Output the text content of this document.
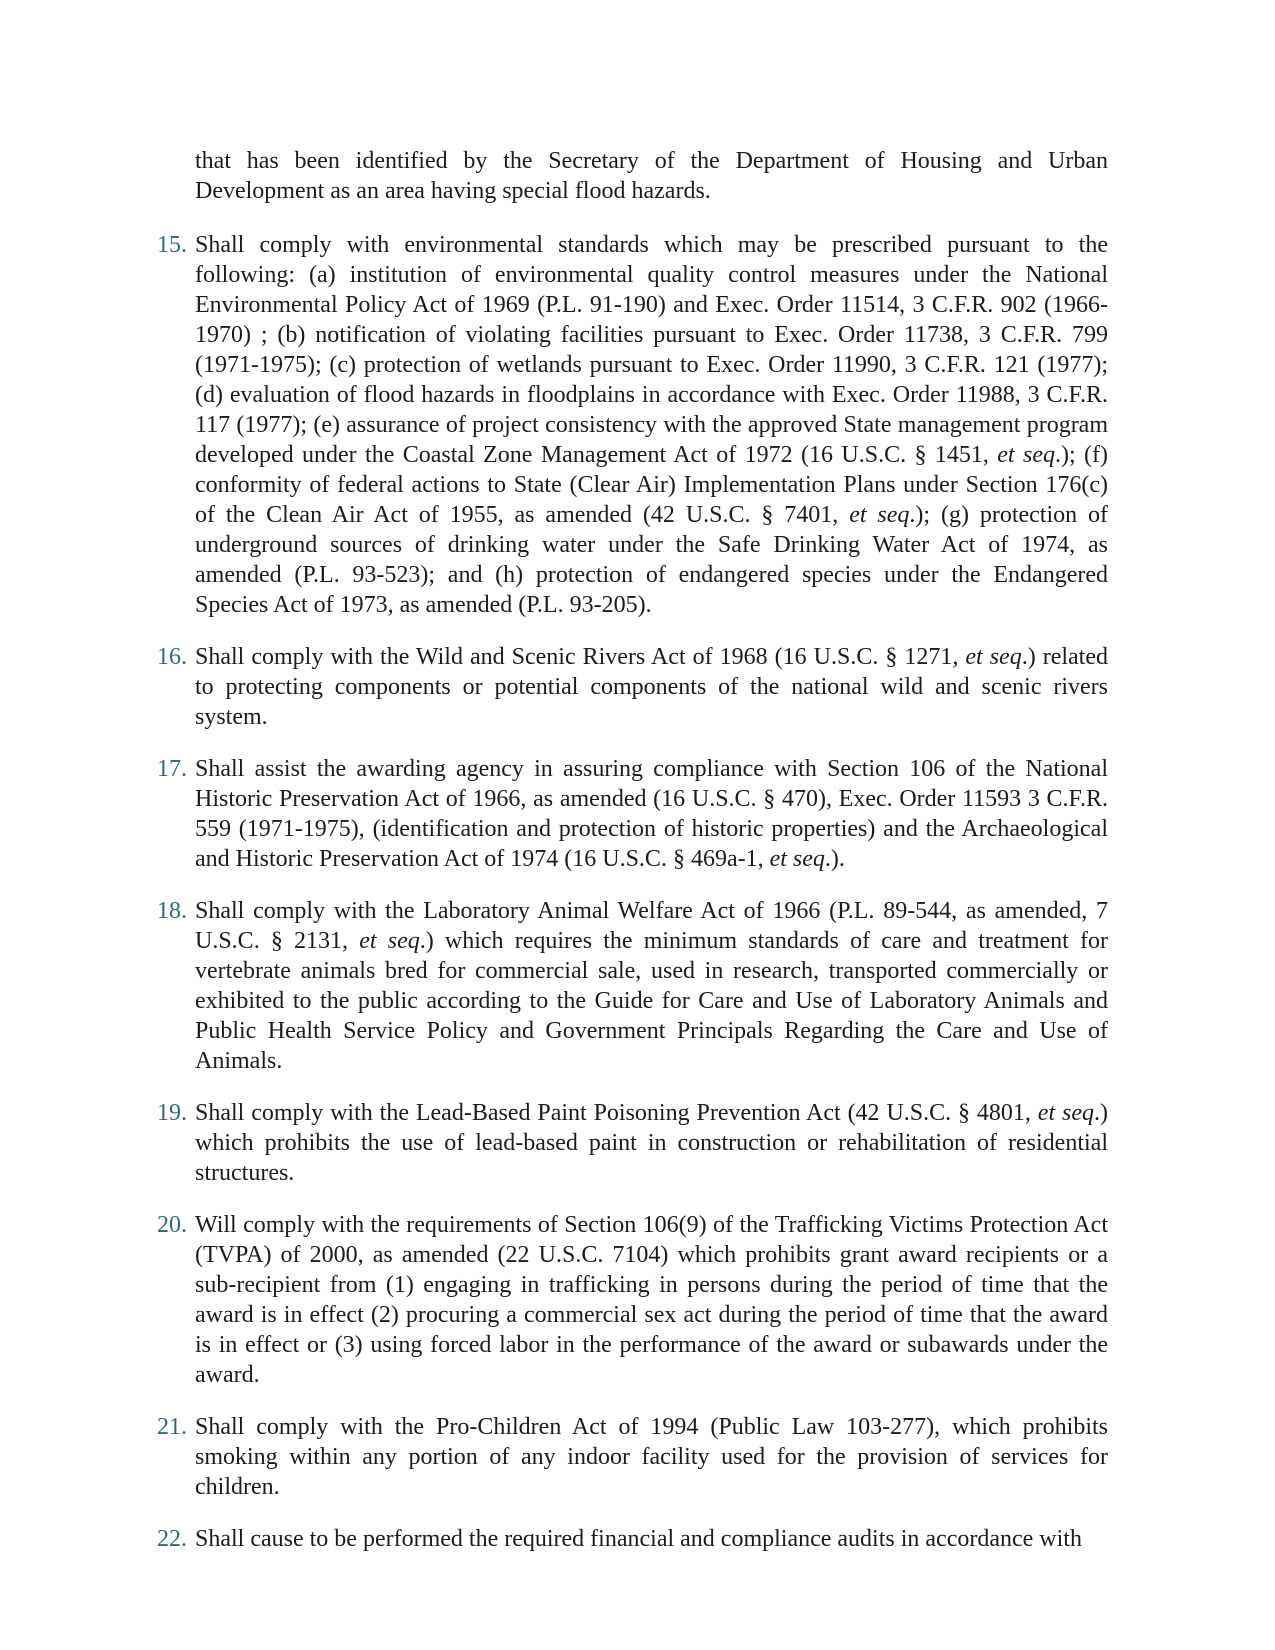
that has been identified by the Secretary of the Department of Housing and Urban Development as an area having special flood hazards.

15. Shall comply with environmental standards which may be prescribed pursuant to the following: (a) institution of environmental quality control measures under the National Environmental Policy Act of 1969 (P.L. 91-190) and Exec. Order 11514, 3 C.F.R. 902 (1966-1970) ; (b) notification of violating facilities pursuant to Exec. Order 11738, 3 C.F.R. 799 (1971-1975); (c) protection of wetlands pursuant to Exec. Order 11990, 3 C.F.R. 121 (1977); (d) evaluation of flood hazards in floodplains in accordance with Exec. Order 11988, 3 C.F.R. 117 (1977); (e) assurance of project consistency with the approved State management program developed under the Coastal Zone Management Act of 1972 (16 U.S.C. § 1451, et seq.); (f) conformity of federal actions to State (Clear Air) Implementation Plans under Section 176(c) of the Clean Air Act of 1955, as amended (42 U.S.C. § 7401, et seq.); (g) protection of underground sources of drinking water under the Safe Drinking Water Act of 1974, as amended (P.L. 93-523); and (h) protection of endangered species under the Endangered Species Act of 1973, as amended (P.L. 93-205).
16. Shall comply with the Wild and Scenic Rivers Act of 1968 (16 U.S.C. § 1271, et seq.) related to protecting components or potential components of the national wild and scenic rivers system.
17. Shall assist the awarding agency in assuring compliance with Section 106 of the National Historic Preservation Act of 1966, as amended (16 U.S.C. § 470), Exec. Order 11593 3 C.F.R. 559 (1971-1975), (identification and protection of historic properties) and the Archaeological and Historic Preservation Act of 1974 (16 U.S.C. § 469a-1, et seq.).
18. Shall comply with the Laboratory Animal Welfare Act of 1966 (P.L. 89-544, as amended, 7 U.S.C. § 2131, et seq.) which requires the minimum standards of care and treatment for vertebrate animals bred for commercial sale, used in research, transported commercially or exhibited to the public according to the Guide for Care and Use of Laboratory Animals and Public Health Service Policy and Government Principals Regarding the Care and Use of Animals.
19. Shall comply with the Lead-Based Paint Poisoning Prevention Act (42 U.S.C. § 4801, et seq.) which prohibits the use of lead-based paint in construction or rehabilitation of residential structures.
20. Will comply with the requirements of Section 106(9) of the Trafficking Victims Protection Act (TVPA) of 2000, as amended (22 U.S.C. 7104) which prohibits grant award recipients or a sub-recipient from (1) engaging in trafficking in persons during the period of time that the award is in effect (2) procuring a commercial sex act during the period of time that the award is in effect or (3) using forced labor in the performance of the award or subawards under the award.
21. Shall comply with the Pro-Children Act of 1994 (Public Law 103-277), which prohibits smoking within any portion of any indoor facility used for the provision of services for children.
22. Shall cause to be performed the required financial and compliance audits in accordance with
